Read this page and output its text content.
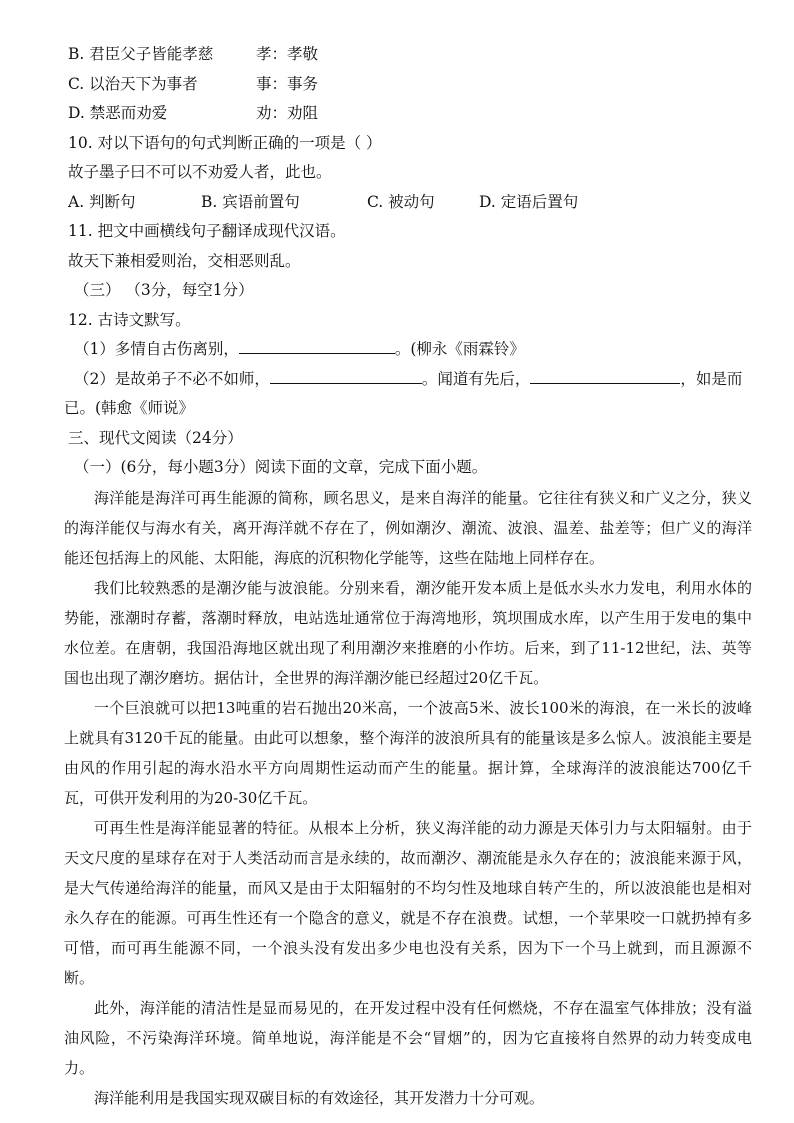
B. 君臣父子皆能孝慈	孝：孝敬
C. 以治天下为事者	事：事务
D. 禁恶而劝爱	劝：劝阻
10. 对以下语句的句式判断正确的一项是（ ）
故子墨子曰不可以不劝爱人者，此也。
A. 判断句	B. 宾语前置句	C. 被动句	D. 定语后置句
11. 把文中画横线句子翻译成现代汉语。
故天下兼相爱则治，交相恶则乱。
（三） （3分，每空1分）
12. 古诗文默写。
（1）多情自古伤离别，	。(柳永《雨霖铃》
（2）是故弟子不必不如师，	。闻道有先后，	，如是而
已。(韩愈《师说》
三、现代文阅读（24分）
（一）(6分，每小题3分）阅读下面的文章，完成下面小题。

海洋能是海洋可再生能源的简称，顾名思义，是来自海洋的能量。它往往有狭义和广义之分，狭义的海洋能仅与海水有关，离开海洋就不存在了，例如潮汐、潮流、波浪、温差、盐差等；但广义的海洋能还包括海上的风能、太阳能，海底的沉积物化学能等，这些在陆地上同样存在。

我们比较熟悉的是潮汐能与波浪能。分别来看，潮汐能开发本质上是低水头水力发电，利用水体的势能，涨潮时存蓄，落潮时释放，电站选址通常位于海湾地形，筑坝围成水库，以产生用于发电的集中水位差。在唐朝，我国沿海地区就出现了利用潮汐来推磨的小作坊。后来，到了11-12世纪，法、英等国也出现了潮汐磨坊。据估计，全世界的海洋潮汐能已经超过20亿千瓦。

一个巨浪就可以把13吨重的岩石抛出20米高，一个波高5米、波长100米的海浪，在一米长的波峰上就具有3120千瓦的能量。由此可以想象，整个海洋的波浪所具有的能量该是多么惊人。波浪能主要是由风的作用引起的海水沿水平方向周期性运动而产生的能量。据计算，全球海洋的波浪能达700亿千瓦，可供开发利用的为20-30亿千瓦。

可再生性是海洋能显著的特征。从根本上分析，狭义海洋能的动力源是天体引力与太阳辐射。由于天文尺度的星球存在对于人类活动而言是永续的，故而潮汐、潮流能是永久存在的；波浪能来源于风，是大气传递给海洋的能量，而风又是由于太阳辐射的不均匀性及地球自转产生的，所以波浪能也是相对永久存在的能源。可再生性还有一个隐含的意义，就是不存在浪费。试想，一个苹果咬一口就扔掉有多可惜，而可再生能源不同，一个浪头没有发出多少电也没有关系，因为下一个马上就到，而且源源不断。

此外，海洋能的清洁性是显而易见的，在开发过程中没有任何燃烧，不存在温室气体排放；没有溢油风险，不污染海洋环境。简单地说，海洋能是不会“冒烟”的，因为它直接将自然界的动力转变成电力。

海洋能利用是我国实现双碳目标的有效途径，其开发潜力十分可观。
